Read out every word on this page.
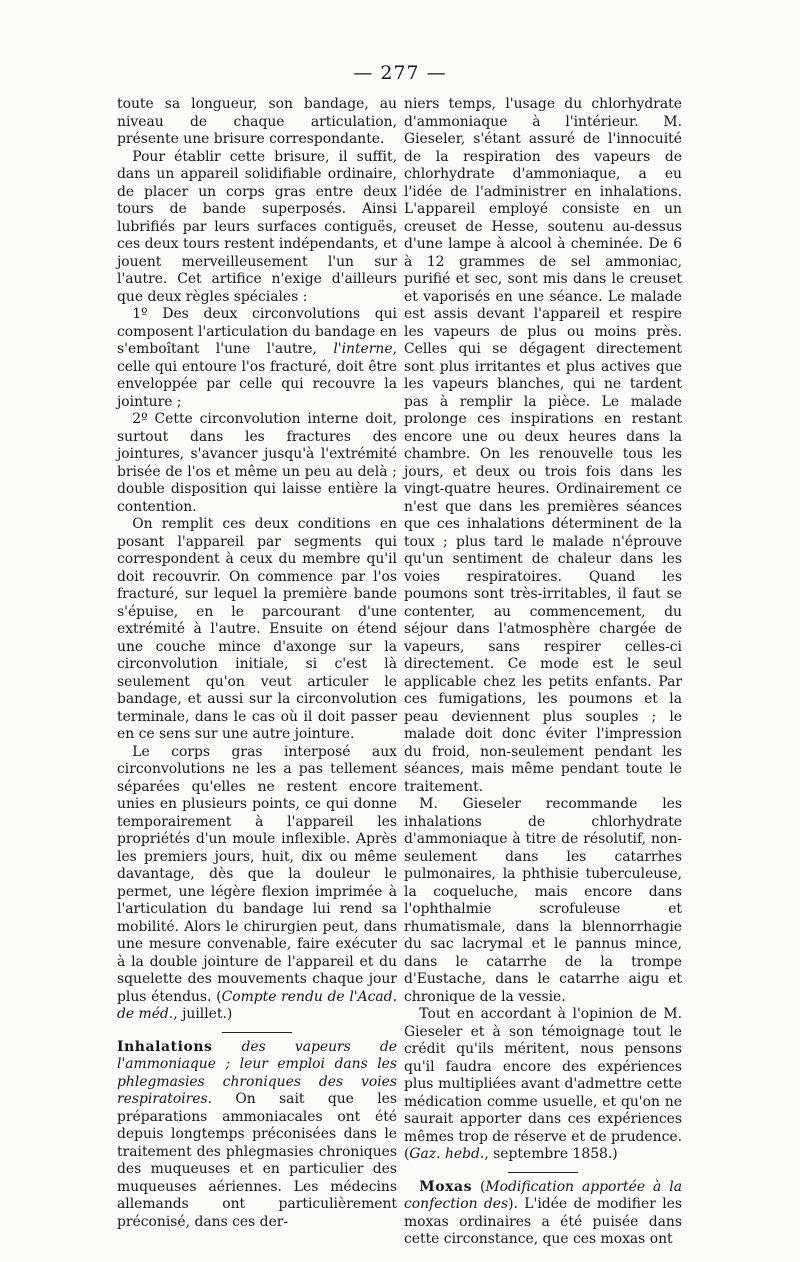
— 277 —

toute sa longueur, son bandage, au niveau de chaque articulation, présente une brisure correspondante.

Pour établir cette brisure, il suffit, dans un appareil solidifiable ordinaire, de placer un corps gras entre deux tours de bande superposés. Ainsi lubrifiés par leurs surfaces contiguës, ces deux tours restent indépendants, et jouent merveilleusement l'un sur l'autre. Cet artifice n'exige d'ailleurs que deux règles spéciales :

1º Des deux circonvolutions qui composent l'articulation du bandage en s'emboîtant l'une l'autre, l'interne, celle qui entoure l'os fracturé, doit être enveloppée par celle qui recouvre la jointure ;

2º Cette circonvolution interne doit, surtout dans les fractures des jointures, s'avancer jusqu'à l'extrémité brisée de l'os et même un peu au delà ; double disposition qui laisse entière la contention.

On remplit ces deux conditions en posant l'appareil par segments qui correspondent à ceux du membre qu'il doit recouvrir. On commence par l'os fracturé, sur lequel la première bande s'épuise, en le parcourant d'une extrémité à l'autre. Ensuite on étend une couche mince d'axonge sur la circonvolution initiale, si c'est là seulement qu'on veut articuler le bandage, et aussi sur la circonvolution terminale, dans le cas où il doit passer en ce sens sur une autre jointure.

Le corps gras interposé aux circonvolutions ne les a pas tellement séparées qu'elles ne restent encore unies en plusieurs points, ce qui donne temporairement à l'appareil les propriétés d'un moule inflexible. Après les premiers jours, huit, dix ou même davantage, dès que la douleur le permet, une légère flexion imprimée à l'articulation du bandage lui rend sa mobilité. Alors le chirurgien peut, dans une mesure convenable, faire exécuter à la double jointure de l'appareil et du squelette des mouvements chaque jour plus étendus. (Compte rendu de l'Acad. de méd., juillet.)

Inhalations des vapeurs de l'ammoniaque ; leur emploi dans les phlegmasies chroniques des voies respiratoires. On sait que les préparations ammoniacales ont été depuis longtemps préconisées dans le traitement des phlegmasies chroniques des muqueuses et en particulier des muqueuses aériennes. Les médecins allemands ont particulièrement préconisé, dans ces der-

niers temps, l'usage du chlorhydrate d'ammoniaque à l'intérieur. M. Gieseler, s'étant assuré de l'innocuité de la respiration des vapeurs de chlorhydrate d'ammoniaque, a eu l'idée de l'administrer en inhalations. L'appareil employé consiste en un creuset de Hesse, soutenu au-dessus d'une lampe à alcool à cheminée. De 6 à 12 grammes de sel ammoniac, purifié et sec, sont mis dans le creuset et vaporisés en une séance. Le malade est assis devant l'appareil et respire les vapeurs de plus ou moins près. Celles qui se dégagent directement sont plus irritantes et plus actives que les vapeurs blanches, qui ne tardent pas à remplir la pièce. Le malade prolonge ces inspirations en restant encore une ou deux heures dans la chambre. On les renouvelle tous les jours, et deux ou trois fois dans les vingt-quatre heures. Ordinairement ce n'est que dans les premières séances que ces inhalations déterminent de la toux ; plus tard le malade n'éprouve qu'un sentiment de chaleur dans les voies respiratoires. Quand les poumons sont très-irritables, il faut se contenter, au commencement, du séjour dans l'atmosphère chargée de vapeurs, sans respirer celles-ci directement. Ce mode est le seul applicable chez les petits enfants. Par ces fumigations, les poumons et la peau deviennent plus souples ; le malade doit donc éviter l'impression du froid, non-seulement pendant les séances, mais même pendant toute le traitement.

M. Gieseler recommande les inhalations de chlorhydrate d'ammoniaque à titre de résolutif, non-seulement dans les catarrhes pulmonaires, la phthisie tuberculeuse, la coqueluche, mais encore dans l'ophthalmie scrofuleuse et rhumatismale, dans la blennorrhagie du sac lacrymal et le pannus mince, dans le catarrhe de la trompe d'Eustache, dans le catarrhe aigu et chronique de la vessie.

Tout en accordant à l'opinion de M. Gieseler et à son témoignage tout le crédit qu'ils méritent, nous pensons qu'il faudra encore des expériences plus multipliées avant d'admettre cette médication comme usuelle, et qu'on ne saurait apporter dans ces expériences mêmes trop de réserve et de prudence. (Gaz. hebd., septembre 1858.)

Moxas (Modification apportée à la confection des). L'idée de modifier les moxas ordinaires a été puisée dans cette circonstance, que ces moxas ont
